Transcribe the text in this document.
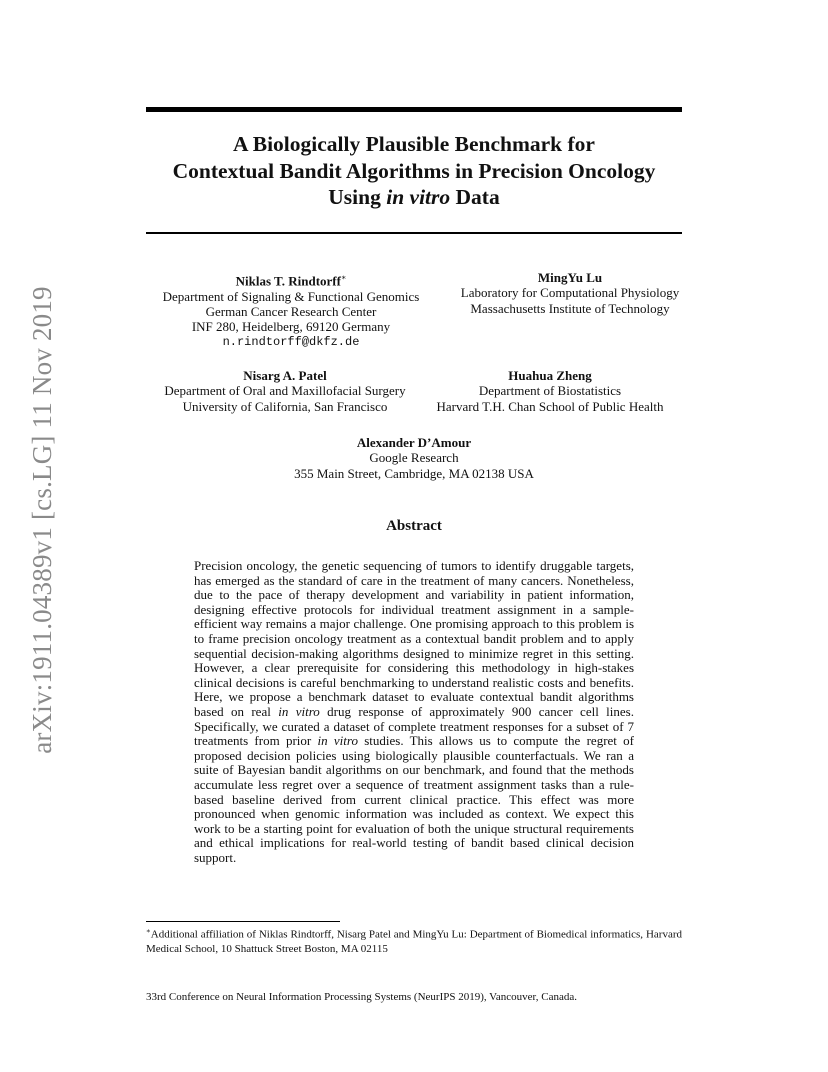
arXiv:1911.04389v1 [cs.LG] 11 Nov 2019
A Biologically Plausible Benchmark for
Contextual Bandit Algorithms in Precision Oncology
Using in vitro Data
Niklas T. Rindtorff∗
Department of Signaling & Functional Genomics
German Cancer Research Center
INF 280, Heidelberg, 69120 Germany
n.rindtorff@dkfz.de
MingYu Lu
Laboratory for Computational Physiology
Massachusetts Institute of Technology
Nisarg A. Patel
Department of Oral and Maxillofacial Surgery
University of California, San Francisco
Huahua Zheng
Department of Biostatistics
Harvard T.H. Chan School of Public Health
Alexander D’Amour
Google Research
355 Main Street, Cambridge, MA 02138 USA
Abstract
Precision oncology, the genetic sequencing of tumors to identify druggable targets, has emerged as the standard of care in the treatment of many cancers. Nonetheless, due to the pace of therapy development and variability in patient information, designing effective protocols for individual treatment assignment in a sample-efficient way remains a major challenge. One promising approach to this problem is to frame precision oncology treatment as a contextual bandit problem and to apply sequential decision-making algorithms designed to minimize regret in this setting. However, a clear prerequisite for considering this methodology in high-stakes clinical decisions is careful benchmarking to understand realistic costs and benefits. Here, we propose a benchmark dataset to evaluate contextual bandit algorithms based on real in vitro drug response of approximately 900 cancer cell lines. Specifically, we curated a dataset of complete treatment responses for a subset of 7 treatments from prior in vitro studies. This allows us to compute the regret of proposed decision policies using biologically plausible counterfactuals. We ran a suite of Bayesian bandit algorithms on our benchmark, and found that the methods accumulate less regret over a sequence of treatment assignment tasks than a rule-based baseline derived from current clinical practice. This effect was more pronounced when genomic information was included as context. We expect this work to be a starting point for evaluation of both the unique structural requirements and ethical implications for real-world testing of bandit based clinical decision support.
∗Additional affiliation of Niklas Rindtorff, Nisarg Patel and MingYu Lu: Department of Biomedical informatics, Harvard Medical School, 10 Shattuck Street Boston, MA 02115
33rd Conference on Neural Information Processing Systems (NeurIPS 2019), Vancouver, Canada.
